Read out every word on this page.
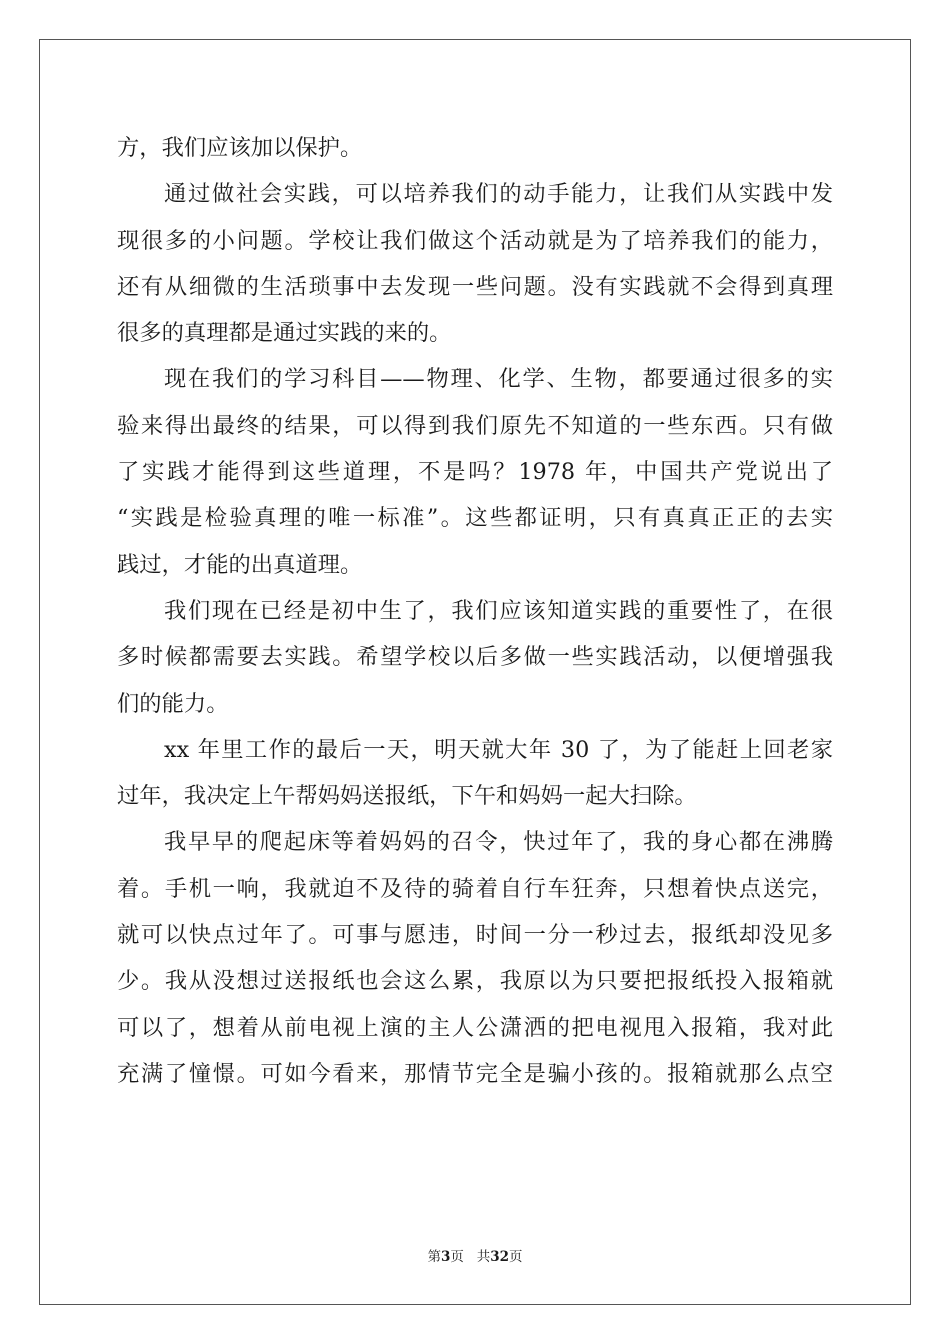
方，我们应该加以保护。
通过做社会实践，可以培养我们的动手能力，让我们从实践中发
现很多的小问题。学校让我们做这个活动就是为了培养我们的能力，
还有从细微的生活琐事中去发现一些问题。没有实践就不会得到真理
很多的真理都是通过实践的来的。
现在我们的学习科目——物理、化学、生物，都要通过很多的实
验来得出最终的结果，可以得到我们原先不知道的一些东西。只有做
了实践才能得到这些道理，不是吗？1978 年，中国共产党说出了
“实践是检验真理的唯一标准”。这些都证明，只有真真正正的去实
践过，才能的出真道理。
我们现在已经是初中生了，我们应该知道实践的重要性了，在很
多时候都需要去实践。希望学校以后多做一些实践活动，以便增强我
们的能力。
xx 年里工作的最后一天，明天就大年 30 了，为了能赶上回老家
过年，我决定上午帮妈妈送报纸，下午和妈妈一起大扫除。
我早早的爬起床等着妈妈的召令，快过年了，我的身心都在沸腾
着。手机一响，我就迫不及待的骑着自行车狂奔，只想着快点送完，
就可以快点过年了。可事与愿违，时间一分一秒过去，报纸却没见多
少。我从没想过送报纸也会这么累，我原以为只要把报纸投入报箱就
可以了，想着从前电视上演的主人公潇洒的把电视甩入报箱，我对此
充满了憧憬。可如今看来，那情节完全是骗小孩的。报箱就那么点空
第3页 共32页
